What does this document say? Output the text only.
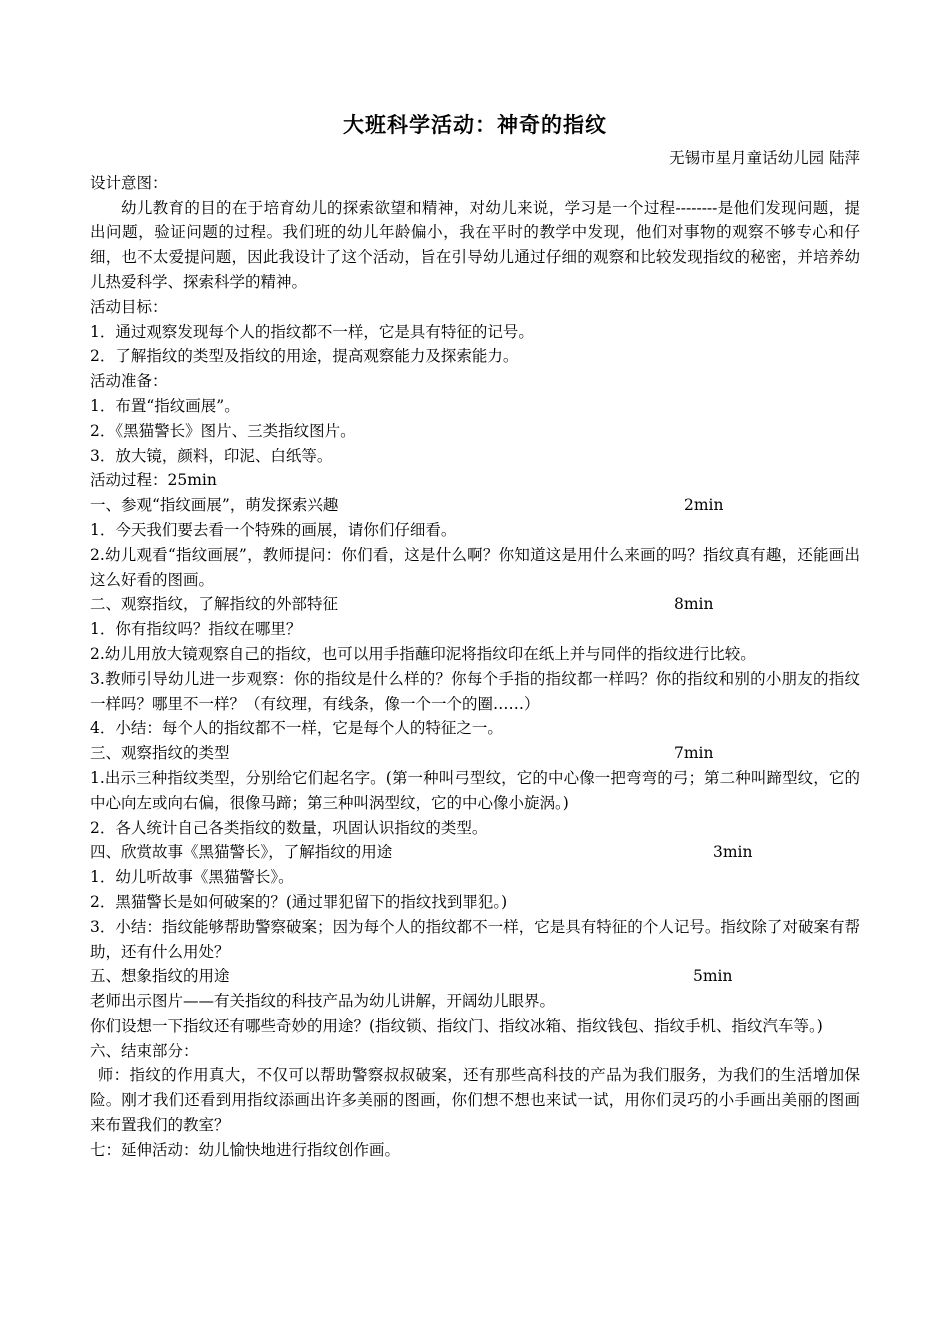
大班科学活动：神奇的指纹

无锡市星月童话幼儿园 陆萍

设计意图：

幼儿教育的目的在于培育幼儿的探索欲望和精神，对幼儿来说，学习是一个过程--------是他们发现问题，提出问题，验证问题的过程。我们班的幼儿年龄偏小，我在平时的教学中发现，他们对事物的观察不够专心和仔细，也不太爱提问题，因此我设计了这个活动，旨在引导幼儿通过仔细的观察和比较发现指纹的秘密，并培养幼儿热爱科学、探索科学的精神。

活动目标：

1．通过观察发现每个人的指纹都不一样，它是具有特征的记号。

2．了解指纹的类型及指纹的用途，提高观察能力及探索能力。

活动准备：

1．布置“指纹画展”。

2．《黑猫警长》图片、三类指纹图片。

3．放大镜，颜料，印泥、白纸等。

活动过程：25min

一、参观“指纹画展”，萌发探索兴趣	2min

1．今天我们要去看一个特殊的画展，请你们仔细看。

2.幼儿观看“指纹画展”，教师提问：你们看，这是什么啊？你知道这是用什么来画的吗？指纹真有趣，还能画出这么好看的图画。

二、观察指纹，了解指纹的外部特征	8min

1．你有指纹吗？指纹在哪里？

2.幼儿用放大镜观察自己的指纹，也可以用手指蘸印泥将指纹印在纸上并与同伴的指纹进行比较。

3.教师引导幼儿进一步观察：你的指纹是什么样的？你每个手指的指纹都一样吗？你的指纹和别的小朋友的指纹一样吗？哪里不一样？（有纹理，有线条，像一个一个的圈……）

4．小结：每个人的指纹都不一样，它是每个人的特征之一。

三、观察指纹的类型	7min

1.出示三种指纹类型，分别给它们起名字。(第一种叫弓型纹，它的中心像一把弯弯的弓；第二种叫蹄型纹，它的中心向左或向右偏，很像马蹄；第三种叫涡型纹，它的中心像小旋涡。)

2．各人统计自己各类指纹的数量，巩固认识指纹的类型。

四、欣赏故事《黑猫警长》，了解指纹的用途	3min

1．幼儿听故事《黑猫警长》。

2．黑猫警长是如何破案的？(通过罪犯留下的指纹找到罪犯。)

3．小结：指纹能够帮助警察破案；因为每个人的指纹都不一样，它是具有特征的个人记号。指纹除了对破案有帮助，还有什么用处？

五、想象指纹的用途	5min

老师出示图片——有关指纹的科技产品为幼儿讲解，开阔幼儿眼界。

你们设想一下指纹还有哪些奇妙的用途？(指纹锁、指纹门、指纹冰箱、指纹钱包、指纹手机、指纹汽车等。)

六、结束部分：

师：指纹的作用真大，不仅可以帮助警察叔叔破案，还有那些高科技的产品为我们服务，为我们的生活增加保险。刚才我们还看到用指纹添画出许多美丽的图画，你们想不想也来试一试，用你们灵巧的小手画出美丽的图画来布置我们的教室？

七：延伸活动：幼儿愉快地进行指纹创作画。
